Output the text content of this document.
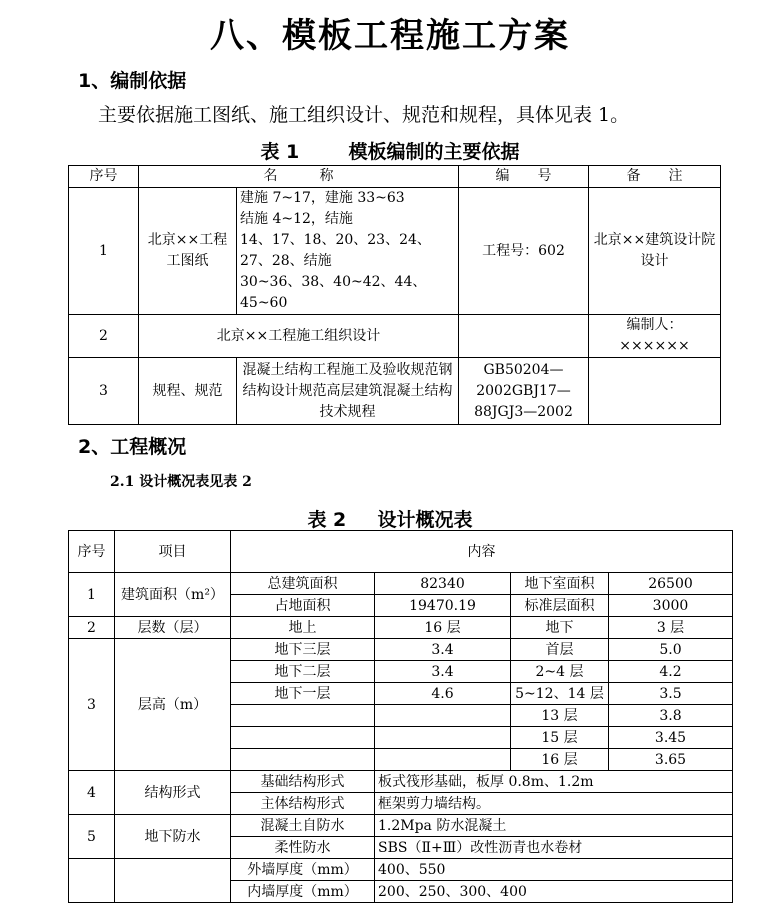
八、模板工程施工方案
1、编制依据
主要依据施工图纸、施工组织设计、规范和规程，具体见表 1。
表 1	模板编制的主要依据
序号	名　　　称		编　　号	备　　注
1	北京××工程工图纸	建施 7~17，建施 33~63
结施 4~12，结施
14、17、18、20、23、24、27、28、结施
30~36、38、40~42、44、45~60	工程号：602	北京××建筑设计院设计
2	北京××工程施工组织设计			编制人：××××××
3	规程、规范	混凝土结构工程施工及验收规范钢结构设计规范高层建筑混凝土结构技术规程	GB50204—2002GBJ17—88JGJ3—2002	
2、工程概况
2.1 设计概况表见表 2
表 2 设计概况表
序号	项目	内容			
1	建筑面积（m²）	总建筑面积	82340	地下室面积	26500
		占地面积	19470.19	标准层面积	3000
2	层数（层）	地上	16 层	地下	3 层
3	层高（m）	地下三层	3.4	首层	5.0
		地下二层	3.4	2~4 层	4.2
		地下一层	4.6	5~12、14 层	3.5
				13 层	3.8
				15 层	3.45
				16 层	3.65
4	结构形式	基础结构形式	板式筏形基础，板厚 0.8m、1.2m		
		主体结构形式	框架剪力墙结构。		
5	地下防水	混凝土自防水	1.2Mpa 防水混凝土		
		柔性防水	SBS（Ⅱ+Ⅲ）改性沥青也水卷材		
		外墙厚度（mm）	400、550		
		内墙厚度（mm）	200、250、300、400		
